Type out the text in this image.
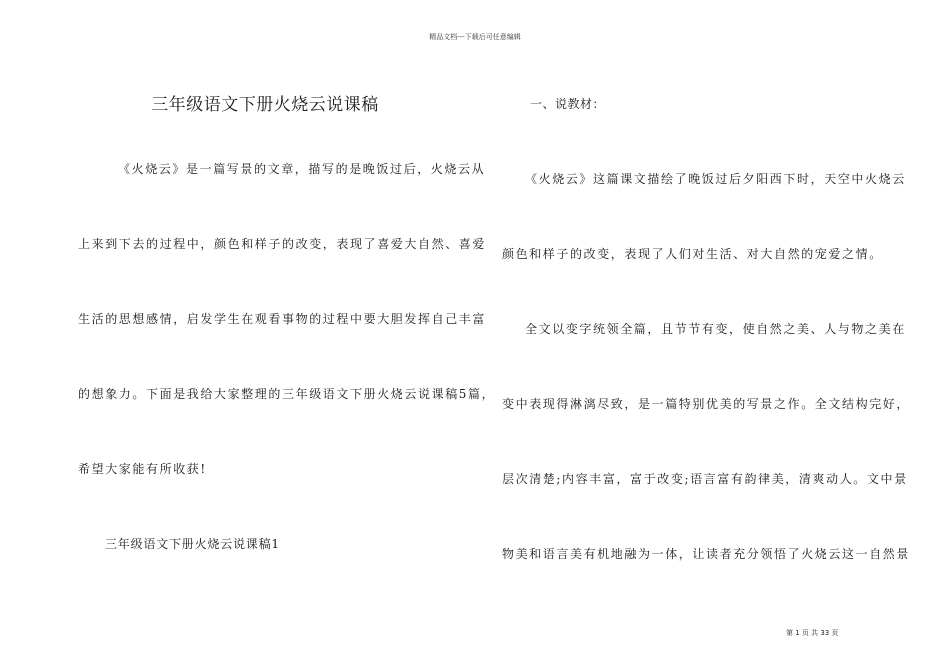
精品文档---下载后可任意编辑
三年级语文下册火烧云说课稿
《火烧云》是一篇写景的文章，描写的是晚饭过后，火烧云从
上来到下去的过程中，颜色和样子的改变，表现了喜爱大自然、喜爱
生活的思想感情，启发学生在观看事物的过程中要大胆发挥自己丰富
的想象力。下面是我给大家整理的三年级语文下册火烧云说课稿5篇，
希望大家能有所收获!
三年级语文下册火烧云说课稿1
一、说教材：
《火烧云》这篇课文描绘了晚饭过后夕阳西下时，天空中火烧云
颜色和样子的改变，表现了人们对生活、对大自然的宠爱之情。
全文以变字统领全篇，且节节有变，使自然之美、人与物之美在
变中表现得淋漓尽致，是一篇特别优美的写景之作。全文结构完好，
层次清楚;内容丰富，富于改变;语言富有韵律美，清爽动人。文中景
物美和语言美有机地融为一体，让读者充分领悟了火烧云这一自然景
第 1 页 共 33 页
